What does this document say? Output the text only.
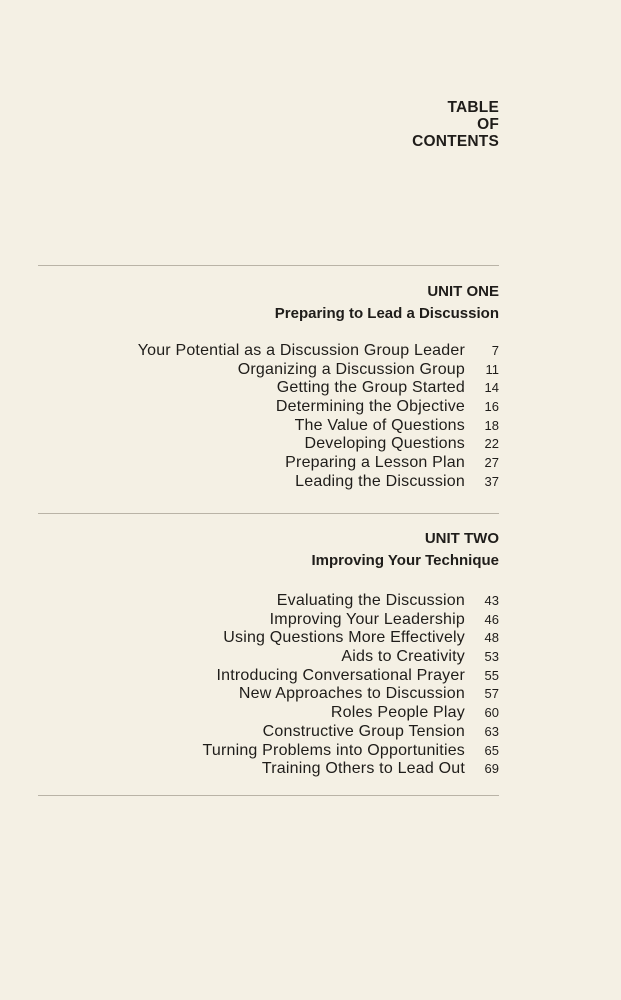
TABLE
OF
CONTENTS
UNIT ONE
Preparing to Lead a Discussion
Your Potential as a Discussion Group Leader	7
Organizing a Discussion Group	11
Getting the Group Started	14
Determining the Objective	16
The Value of Questions	18
Developing Questions	22
Preparing a Lesson Plan	27
Leading the Discussion	37
UNIT TWO
Improving Your Technique
Evaluating the Discussion	43
Improving Your Leadership	46
Using Questions More Effectively	48
Aids to Creativity	53
Introducing Conversational Prayer	55
New Approaches to Discussion	57
Roles People Play	60
Constructive Group Tension	63
Turning Problems into Opportunities	65
Training Others to Lead Out	69
